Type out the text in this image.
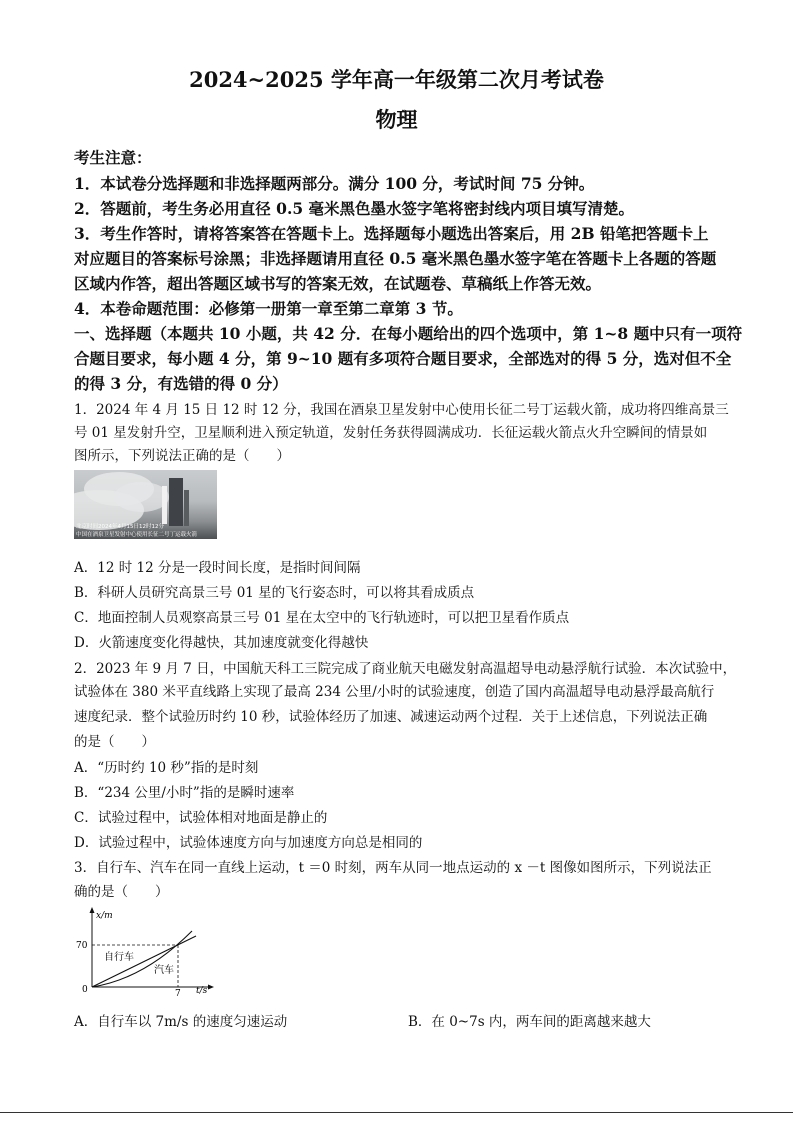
2024~2025 学年高一年级第二次月考试卷
物理
考生注意：
1．本试卷分选择题和非选择题两部分。满分 100 分，考试时间 75 分钟。
2．答题前，考生务必用直径 0.5 毫米黑色墨水签字笔将密封线内项目填写清楚。
3．考生作答时，请将答案答在答题卡上。选择题每小题选出答案后，用 2B 铅笔把答题卡上
对应题目的答案标号涂黑；非选择题请用直径 0.5 毫米黑色墨水签字笔在答题卡上各题的答题
区域内作答，超出答题区域书写的答案无效，在试题卷、草稿纸上作答无效。
4．本卷命题范围：必修第一册第一章至第二章第 3 节。
一、选择题（本题共 10 小题，共 42 分．在每小题给出的四个选项中，第 1~8 题中只有一项符
合题目要求，每小题 4 分，第 9~10 题有多项符合题目要求，全部选对的得 5 分，选对但不全
的得 3 分，有选错的得 0 分）
1．2024 年 4 月 15 日 12 时 12 分，我国在酒泉卫星发射中心使用长征二号丁运载火箭，成功将四维高景三
号 01 星发射升空，卫星顺利进入预定轨道，发射任务获得圆满成功．长征运载火箭点火升空瞬间的情景如
图所示，下列说法正确的是（　　）
北京时间2024年4月15日12时12分
中国在酒泉卫星发射中心使用长征二号丁运载火箭
A．12 时 12 分是一段时间长度，是指时间间隔
B．科研人员研究高景三号 01 星的飞行姿态时，可以将其看成质点
C．地面控制人员观察高景三号 01 星在太空中的飞行轨迹时，可以把卫星看作质点
D．火箭速度变化得越快，其加速度就变化得越快
2．2023 年 9 月 7 日，中国航天科工三院完成了商业航天电磁发射高温超导电动悬浮航行试验．本次试验中，
试验体在 380 米平直线路上实现了最高 234 公里/小时的试验速度，创造了国内高温超导电动悬浮最高航行
速度纪录．整个试验历时约 10 秒，试验体经历了加速、减速运动两个过程．关于上述信息，下列说法正确
的是（　　）
A．“历时约 10 秒”指的是时刻
B．“234 公里/小时”指的是瞬时速率
C．试验过程中，试验体相对地面是静止的
D．试验过程中，试验体速度方向与加速度方向总是相同的
3．自行车、汽车在同一直线上运动，t ＝0 时刻，两车从同一地点运动的 x －t 图像如图所示，下列说法正
确的是（　　）
x/m
t/s
0
70
7
自行车
汽车
A．自行车以 7m/s 的速度匀速运动	B．在 0~7s 内，两车间的距离越来越大
